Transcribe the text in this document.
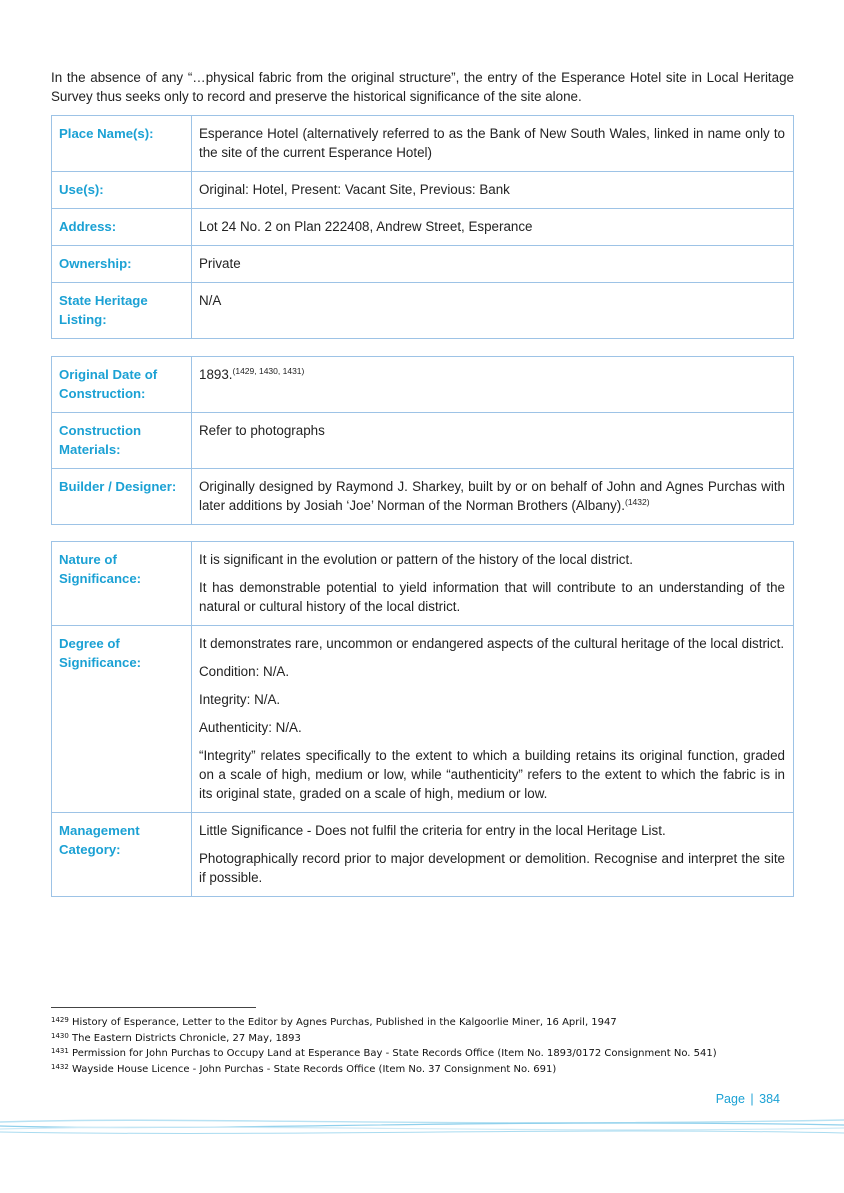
In the absence of any “…physical fabric from the original structure”, the entry of the Esperance Hotel site in Local Heritage Survey thus seeks only to record and preserve the historical significance of the site alone.

Place Name(s):	Esperance Hotel (alternatively referred to as the Bank of New South Wales, linked in name only to the site of the current Esperance Hotel)
Use(s):	Original: Hotel, Present: Vacant Site, Previous: Bank
Address:	Lot 24 No. 2 on Plan 222408, Andrew Street, Esperance
Ownership:	Private
State Heritage Listing:	N/A
Original Date of Construction:	1893.$^{(1429, 1430, 1431)}$
Construction Materials:	Refer to photographs
Builder / Designer:	Originally designed by Raymond J. Sharkey, built by or on behalf of John and Agnes Purchas with later additions by Josiah ‘Joe’ Norman of the Norman Brothers (Albany).$^{(1432)}$
Nature of Significance:	It is significant in the evolution or pattern of the history of the local district.

It has demonstrable potential to yield information that will contribute to an understanding of the natural or cultural history of the local district.

Degree of Significance:	It demonstrates rare, uncommon or endangered aspects of the cultural heritage of the local district.

Condition: N/A.

Integrity: N/A.

Authenticity: N/A.

“Integrity” relates specifically to the extent to which a building retains its original function, graded on a scale of high, medium or low, while “authenticity” refers to the extent to which the fabric is in its original state, graded on a scale of high, medium or low.

Management Category:	Little Significance - Does not fulfil the criteria for entry in the local Heritage List.

Photographically record prior to major development or demolition. Recognise and interpret the site if possible.

$^{1429}$ History of Esperance, Letter to the Editor by Agnes Purchas, Published in the Kalgoorlie Miner, 16 April, 1947
$^{1430}$ The Eastern Districts Chronicle, 27 May, 1893
$^{1431}$ Permission for John Purchas to Occupy Land at Esperance Bay - State Records Office (Item No. 1893/0172 Consignment No. 541)
$^{1432}$ Wayside House Licence - John Purchas - State Records Office (Item No. 37 Consignment No. 691)
Page | 384
